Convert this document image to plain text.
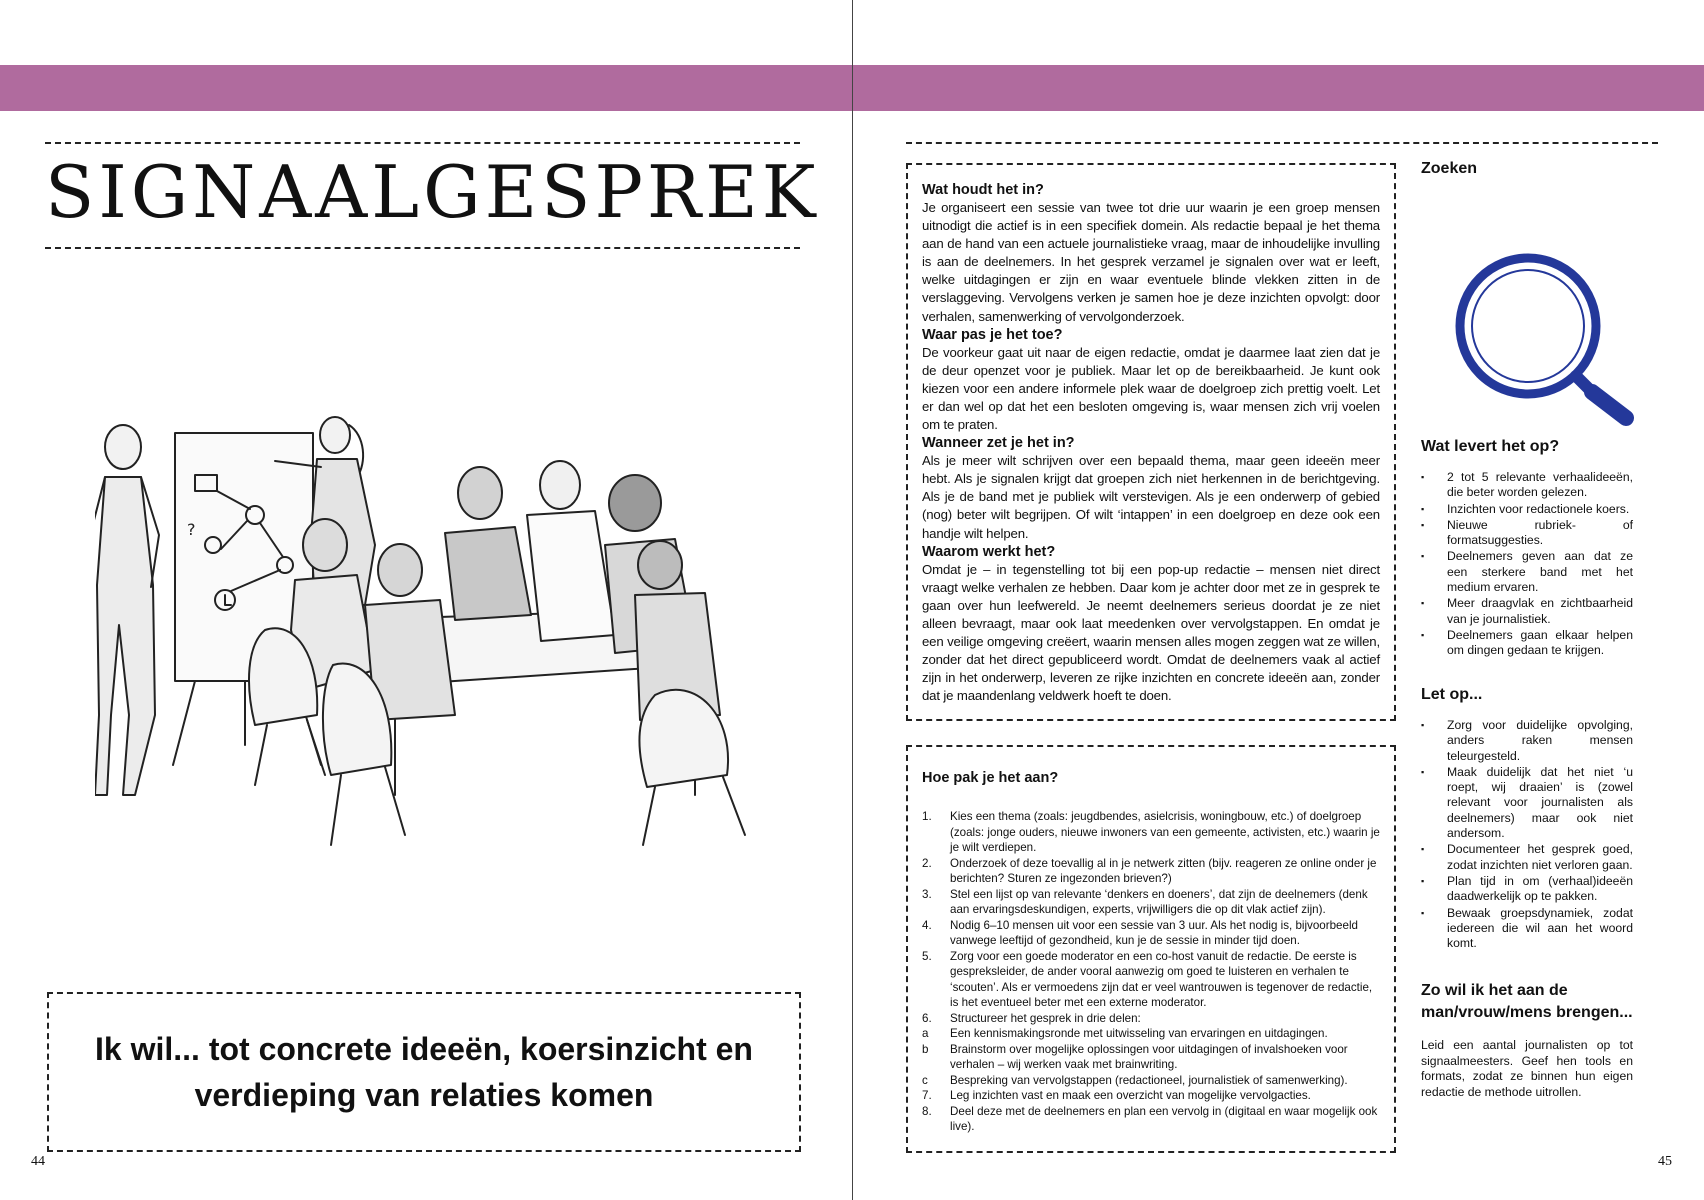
SIGNAALGESPREK
?

Ik wil... tot concrete ideeën, koersinzicht en verdieping van relaties komen

44
Wat houdt het in?

Je organiseert een sessie van twee tot drie uur waarin je een groep mensen uitnodigt die actief is in een specifiek domein. Als redactie bepaal je het thema aan de hand van een actuele journalistieke vraag, maar de inhoudelijke invulling is aan de deelnemers. In het gesprek verzamel je signalen over wat er leeft, welke uitdagingen er zijn en waar eventuele blinde vlekken zitten in de verslaggeving. Vervolgens verken je samen hoe je deze inzichten opvolgt: door verhalen, samenwerking of vervolgonderzoek.

Waar pas je het toe?

De voorkeur gaat uit naar de eigen redactie, omdat je daarmee laat zien dat je de deur openzet voor je publiek. Maar let op de bereikbaarheid. Je kunt ook kiezen voor een andere informele plek waar de doelgroep zich prettig voelt. Let er dan wel op dat het een besloten omgeving is, waar mensen zich vrij voelen om te praten.

Wanneer zet je het in?

Als je meer wilt schrijven over een bepaald thema, maar geen ideeën meer hebt. Als je signalen krijgt dat groepen zich niet herkennen in de berichtgeving. Als je de band met je publiek wilt verstevigen. Als je een onderwerp of gebied (nog) beter wilt begrijpen. Of wilt ‘intappen’ in een doelgroep en deze ook een handje wilt helpen.

Waarom werkt het?

Omdat je – in tegenstelling tot bij een pop-up redactie – mensen niet direct vraagt welke verhalen ze hebben. Daar kom je achter door met ze in gesprek te gaan over hun leefwereld. Je neemt deelnemers serieus doordat je ze niet alleen bevraagt, maar ook laat meedenken over vervolgstappen. En omdat je een veilige omgeving creëert, waarin mensen alles mogen zeggen wat ze willen, zonder dat het direct gepubliceerd wordt. Omdat de deelnemers vaak al actief zijn in het onderwerp, leveren ze rijke inzichten en concrete ideeën aan, zonder dat je maandenlang veldwerk hoeft te doen.

Hoe pak je het aan?
1.	Kies een thema (zoals: jeugdbendes, asielcrisis, woningbouw, etc.) of doelgroep (zoals: jonge ouders, nieuwe inwoners van een gemeente, activisten, etc.) waarin je je wilt verdiepen.
2.	Onderzoek of deze toevallig al in je netwerk zitten (bijv. reageren ze online onder je berichten? Sturen ze ingezonden brieven?)
3.	Stel een lijst op van relevante ‘denkers en doeners’, dat zijn de deelnemers (denk aan ervaringsdeskundigen, experts, vrijwilligers die op dit vlak actief zijn).
4.	Nodig 6–10 mensen uit voor een sessie van 3 uur. Als het nodig is, bijvoorbeeld vanwege leeftijd of gezondheid, kun je de sessie in minder tijd doen.
5.	Zorg voor een goede moderator en een co-host vanuit de redactie. De eerste is gespreksleider, de ander vooral aanwezig om goed te luisteren en verhalen te ‘scouten’. Als er vermoedens zijn dat er veel wantrouwen is tegenover de redactie, is het eventueel beter met een externe moderator.
6.	Structureer het gesprek in drie delen:
a	Een kennismakingsronde met uitwisseling van ervaringen en uitdagingen.
b	Brainstorm over mogelijke oplossingen voor uitdagingen of invalshoeken voor verhalen – wij werken vaak met brainwriting.
c	Bespreking van vervolgstappen (redactioneel, journalistiek of samenwerking).
7.	Leg inzichten vast en maak een overzicht van mogelijke vervolgacties.
8.	Deel deze met de deelnemers en plan een vervolg in (digitaal en waar mogelijk ook live).
Zoeken
Wat levert het op?
▪ 2 tot 5 relevante verhaalideeën, die beter worden gelezen.
▪ Inzichten voor redactionele koers.
▪ Nieuwe rubriek- of formatsuggesties.
▪ Deelnemers geven aan dat ze een sterkere band met het medium ervaren.
▪ Meer draagvlak en zichtbaarheid van je journalistiek.
▪ Deelnemers gaan elkaar helpen om dingen gedaan te krijgen.
Let op...
▪ Zorg voor duidelijke opvolging, anders raken mensen teleurgesteld.
▪ Maak duidelijk dat het niet ‘u roept, wij draaien’ is (zowel relevant voor journalisten als deelnemers) maar ook niet andersom.
▪ Documenteer het gesprek goed, zodat inzichten niet verloren gaan.
▪ Plan tijd in om (verhaal)ideeën daadwerkelijk op te pakken.
▪ Bewaak groepsdynamiek, zodat iedereen die wil aan het woord komt.
Zo wil ik het aan de man/vrouw/mens brengen...

Leid een aantal journalisten op tot signaalmeesters. Geef hen tools en formats, zodat ze binnen hun eigen redactie de methode uitrollen.

45
